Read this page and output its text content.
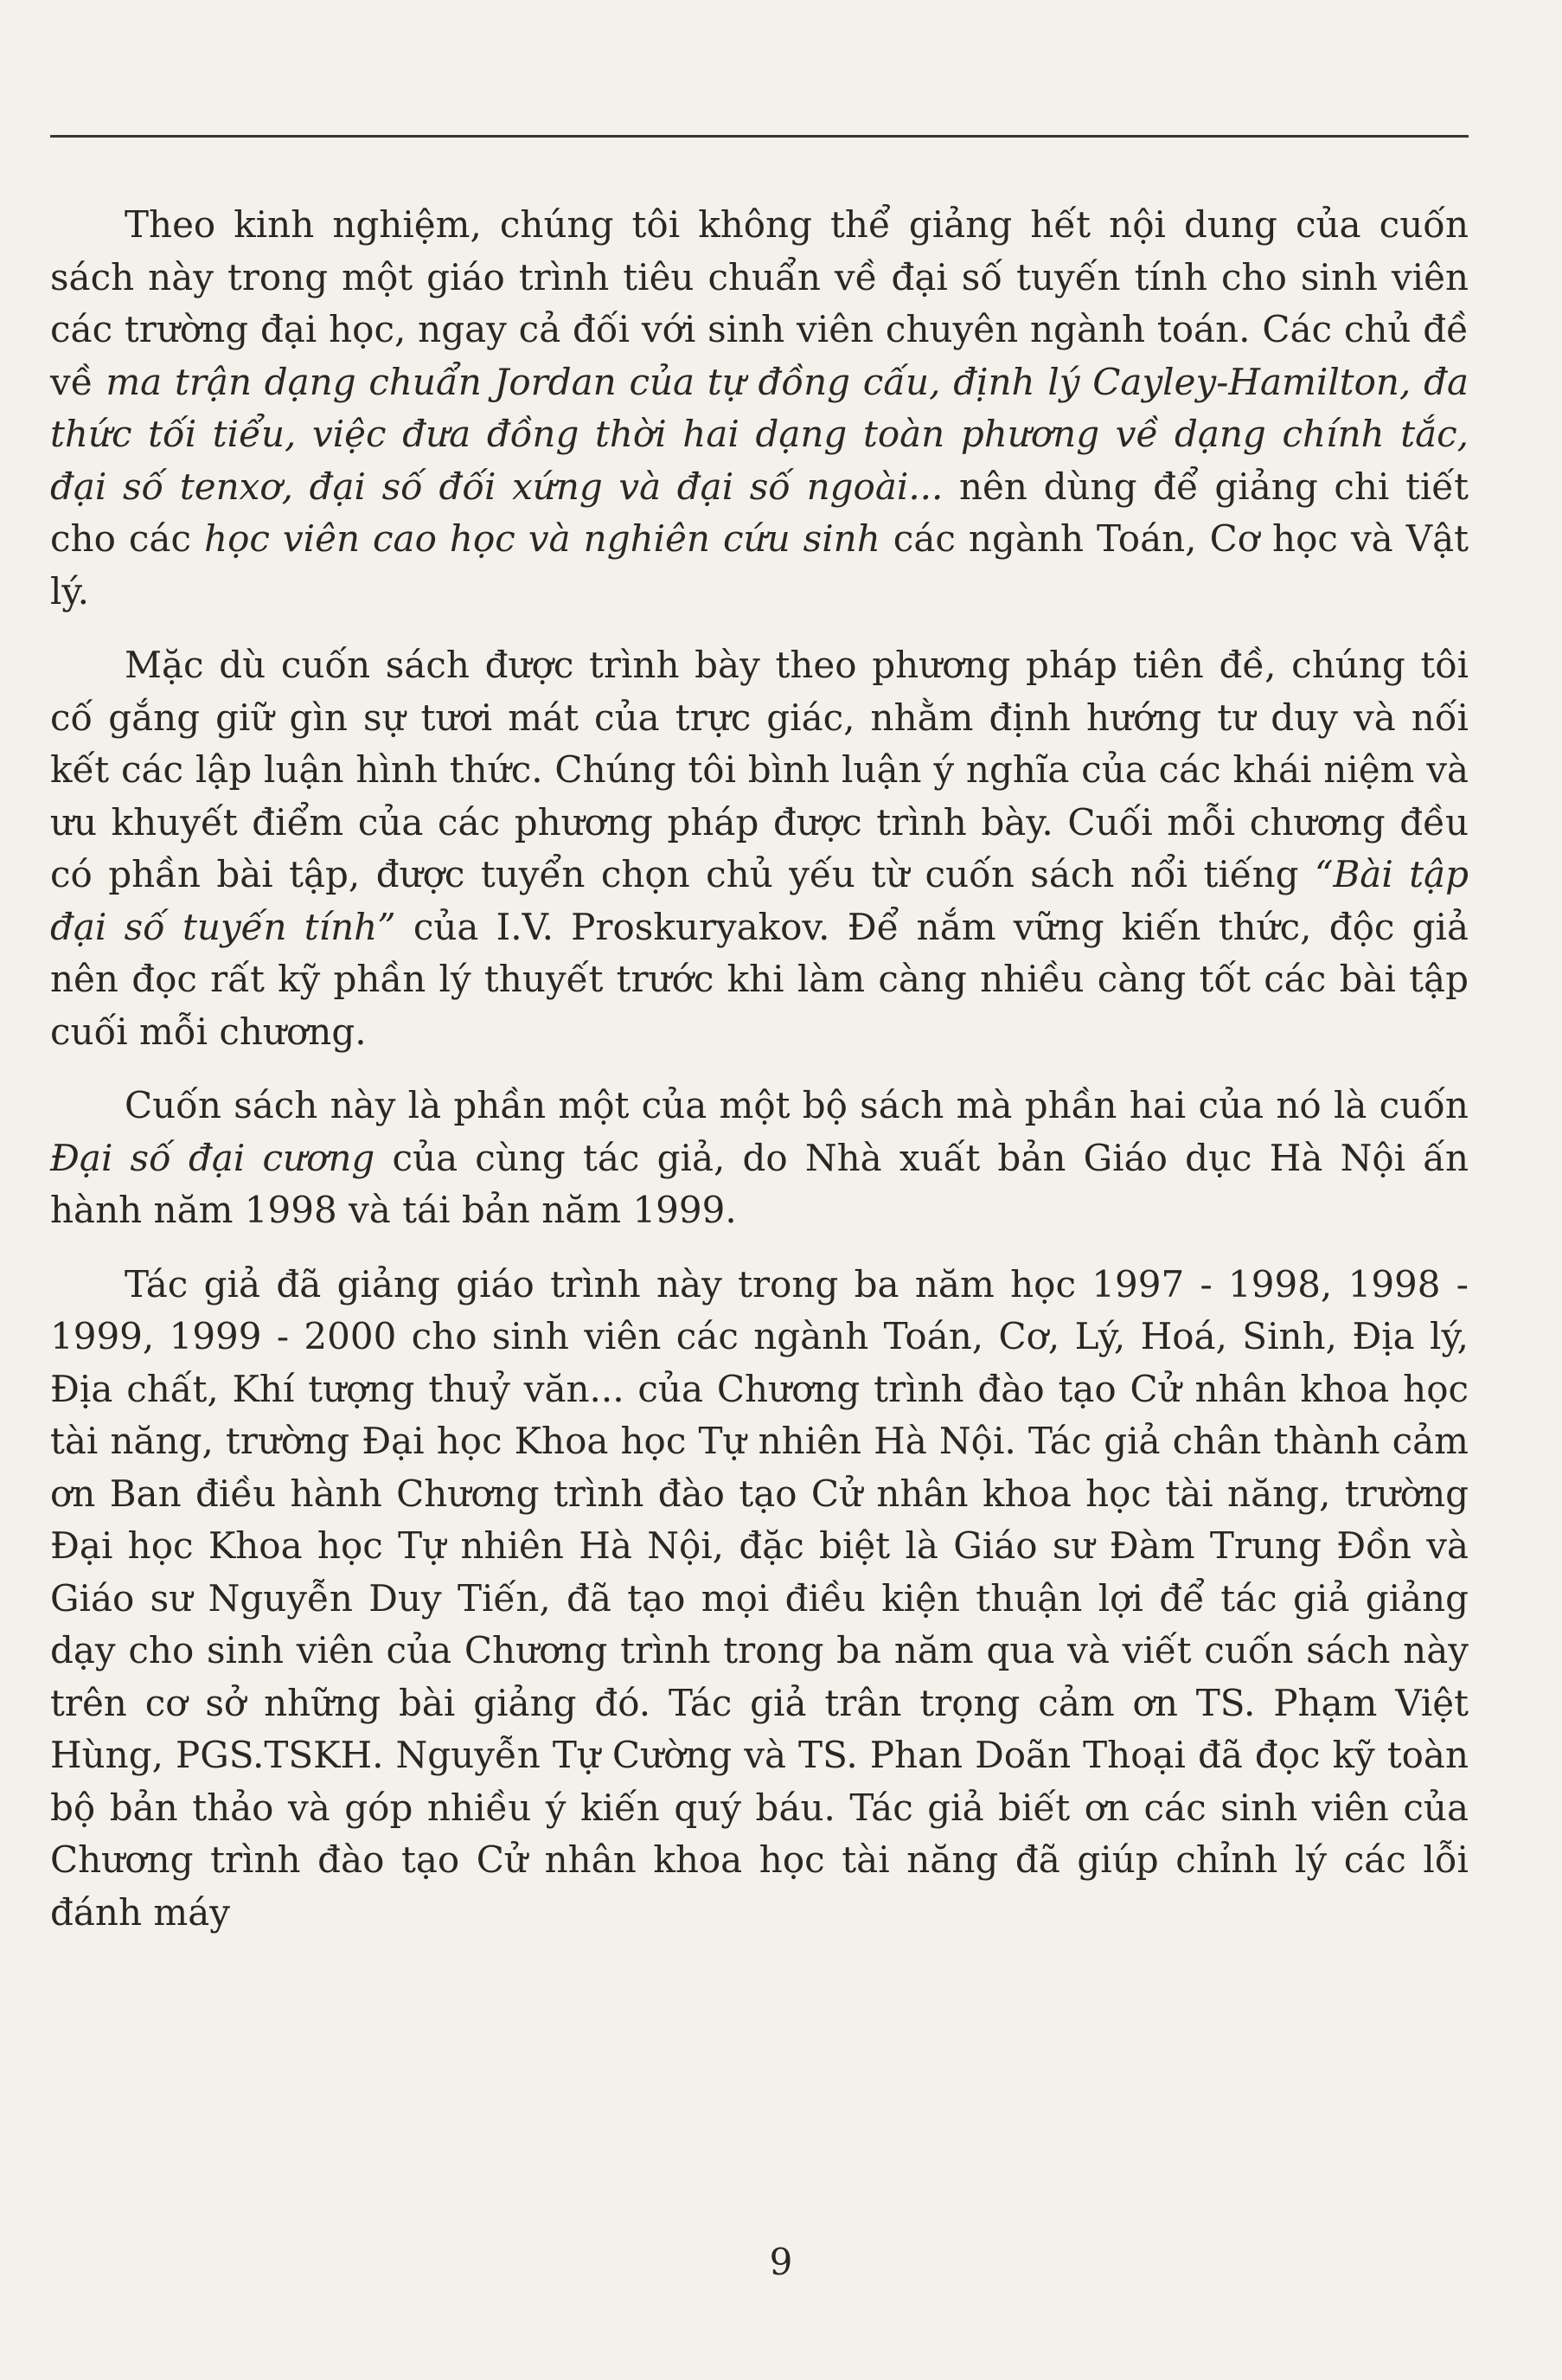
Theo kinh nghiệm, chúng tôi không thể giảng hết nội dung của cuốn sách này trong một giáo trình tiêu chuẩn về đại số tuyến tính cho sinh viên các trường đại học, ngay cả đối với sinh viên chuyên ngành toán. Các chủ đề về ma trận dạng chuẩn Jordan của tự đồng cấu, định lý Cayley-Hamilton, đa thức tối tiểu, việc đưa đồng thời hai dạng toàn phương về dạng chính tắc, đại số tenxơ, đại số đối xứng và đại số ngoài... nên dùng để giảng chi tiết cho các học viên cao học và nghiên cứu sinh các ngành Toán, Cơ học và Vật lý.

Mặc dù cuốn sách được trình bày theo phương pháp tiên đề, chúng tôi cố gắng giữ gìn sự tươi mát của trực giác, nhằm định hướng tư duy và nối kết các lập luận hình thức. Chúng tôi bình luận ý nghĩa của các khái niệm và ưu khuyết điểm của các phương pháp được trình bày. Cuối mỗi chương đều có phần bài tập, được tuyển chọn chủ yếu từ cuốn sách nổi tiếng “Bài tập đại số tuyến tính” của I.V. Proskuryakov. Để nắm vững kiến thức, độc giả nên đọc rất kỹ phần lý thuyết trước khi làm càng nhiều càng tốt các bài tập cuối mỗi chương.

Cuốn sách này là phần một của một bộ sách mà phần hai của nó là cuốn Đại số đại cương của cùng tác giả, do Nhà xuất bản Giáo dục Hà Nội ấn hành năm 1998 và tái bản năm 1999.

Tác giả đã giảng giáo trình này trong ba năm học 1997 - 1998, 1998 - 1999, 1999 - 2000 cho sinh viên các ngành Toán, Cơ, Lý, Hoá, Sinh, Địa lý, Địa chất, Khí tượng thuỷ văn... của Chương trình đào tạo Cử nhân khoa học tài năng, trường Đại học Khoa học Tự nhiên Hà Nội. Tác giả chân thành cảm ơn Ban điều hành Chương trình đào tạo Cử nhân khoa học tài năng, trường Đại học Khoa học Tự nhiên Hà Nội, đặc biệt là Giáo sư Đàm Trung Đồn và Giáo sư Nguyễn Duy Tiến, đã tạo mọi điều kiện thuận lợi để tác giả giảng dạy cho sinh viên của Chương trình trong ba năm qua và viết cuốn sách này trên cơ sở những bài giảng đó. Tác giả trân trọng cảm ơn TS. Phạm Việt Hùng, PGS.TSKH. Nguyễn Tự Cường và TS. Phan Doãn Thoại đã đọc kỹ toàn bộ bản thảo và góp nhiều ý kiến quý báu. Tác giả biết ơn các sinh viên của Chương trình đào tạo Cử nhân khoa học tài năng đã giúp chỉnh lý các lỗi đánh máy

9
